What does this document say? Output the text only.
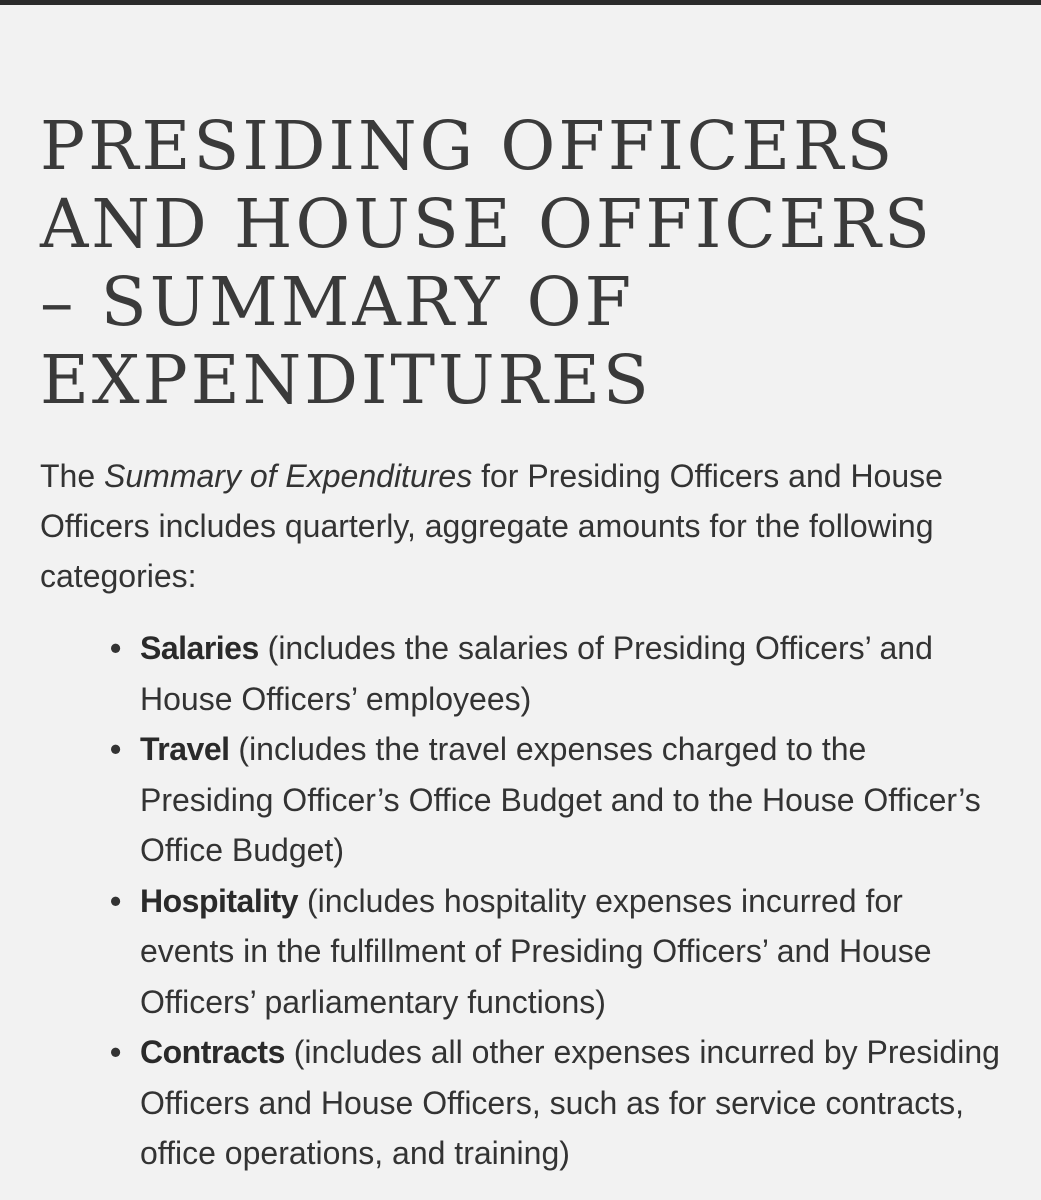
PRESIDING OFFICERS AND HOUSE OFFICERS – SUMMARY OF EXPENDITURES

The Summary of Expenditures for Presiding Officers and House Officers includes quarterly, aggregate amounts for the following categories:

• Salaries (includes the salaries of Presiding Officers’ and House Officers’ employees)
• Travel (includes the travel expenses charged to the Presiding Officer’s Office Budget and to the House Officer’s Office Budget)
• Hospitality (includes hospitality expenses incurred for events in the fulfillment of Presiding Officers’ and House Officers’ parliamentary functions)
• Contracts (includes all other expenses incurred by Presiding Officers and House Officers, such as for service contracts, office operations, and training)
